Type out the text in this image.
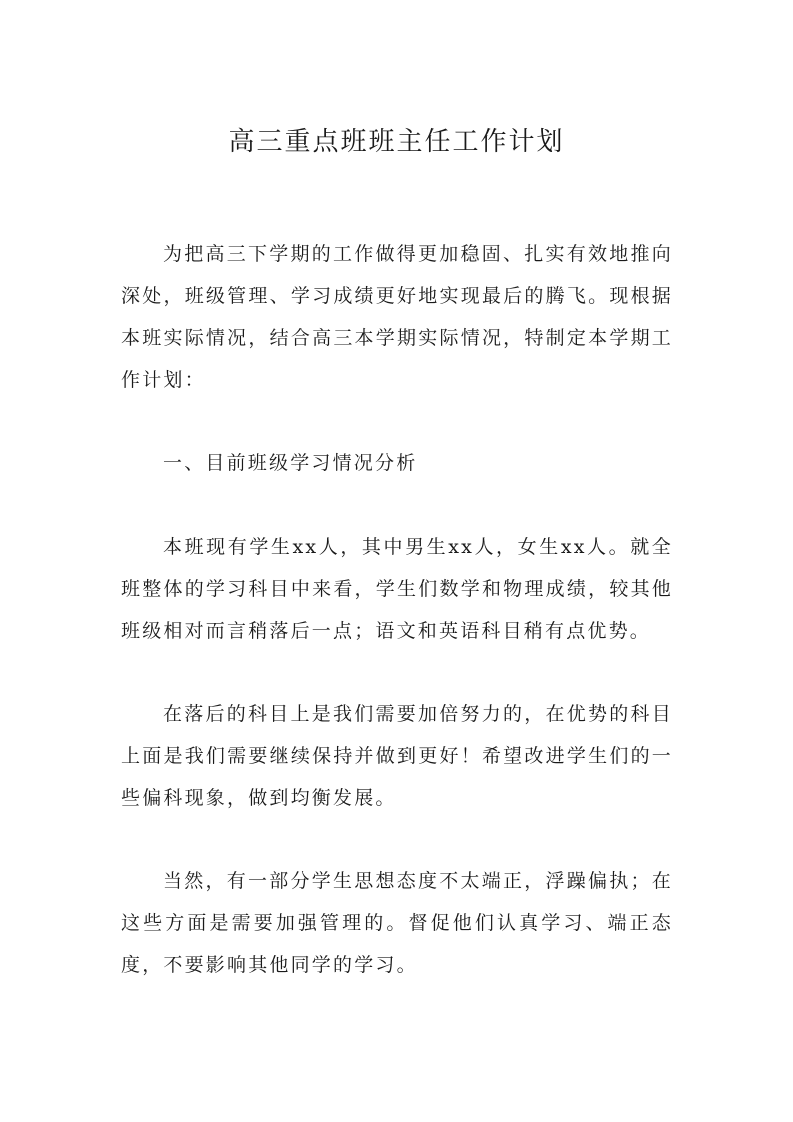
高三重点班班主任工作计划

为把高三下学期的工作做得更加稳固、扎实有效地推向深处，班级管理、学习成绩更好地实现最后的腾飞。现根据本班实际情况，结合高三本学期实际情况，特制定本学期工作计划：

一、目前班级学习情况分析

本班现有学生xx人，其中男生xx人，女生xx人。就全班整体的学习科目中来看，学生们数学和物理成绩，较其他班级相对而言稍落后一点；语文和英语科目稍有点优势。

在落后的科目上是我们需要加倍努力的，在优势的科目上面是我们需要继续保持并做到更好！希望改进学生们的一些偏科现象，做到均衡发展。

当然，有一部分学生思想态度不太端正，浮躁偏执；在这些方面是需要加强管理的。督促他们认真学习、端正态度，不要影响其他同学的学习。
